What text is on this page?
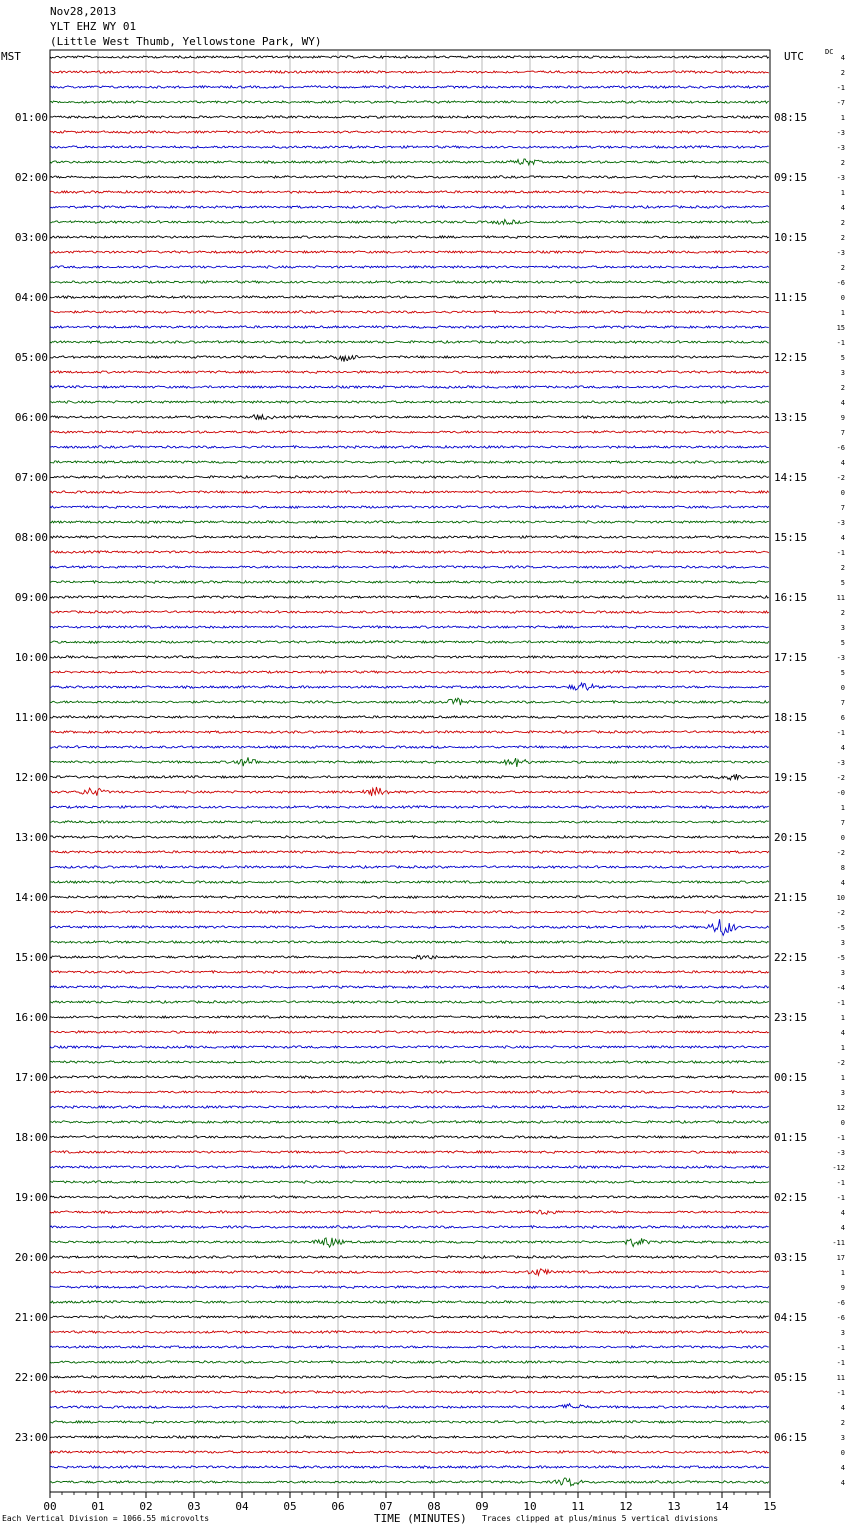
Nov28,2013
YLT EHZ WY 01
(Little West Thumb, Yellowstone Park, WY)
MST	UTC	DC
00	01	02	03	04	05	06	07	08	09	10	11	12	13	14	15
01:00
02:00
03:00
04:00
05:00
06:00
07:00
08:00
09:00
10:00
11:00
12:00
13:00
14:00
15:00
16:00
17:00
18:00
19:00
20:00
21:00
22:00
23:00
08:15
09:15
10:15
11:15
12:15
13:15
14:15
15:15
16:15
17:15
18:15
19:15
20:15
21:15
22:15
23:15
00:15
01:15
02:15
03:15
04:15
05:15
06:15
4
2
-1
-7
1
-3
-3
2
-3
1
4
2
2
-3
2
-6
0
1
15
-1
5
3
2
4
9
7
-6
4
-2
0
7
-3
4
-1
2
5
11
2
3
5
-3
5
0
7
6
-1
4
-3
-2
-0
1
7
0
-2
8
4
10
-2
-5
3
-5
3
-4
-1
1
4
1
-2
1
3
12
0
-1
-3
-12
-1
-1
4
4
-11
17
1
9
-6
-6
3
-1
-1
11
-1
4
2
3
0
4
4
Each Vertical Division = 1066.55 microvolts	TIME (MINUTES) Traces clipped at plus/minus 5 vertical divisions
